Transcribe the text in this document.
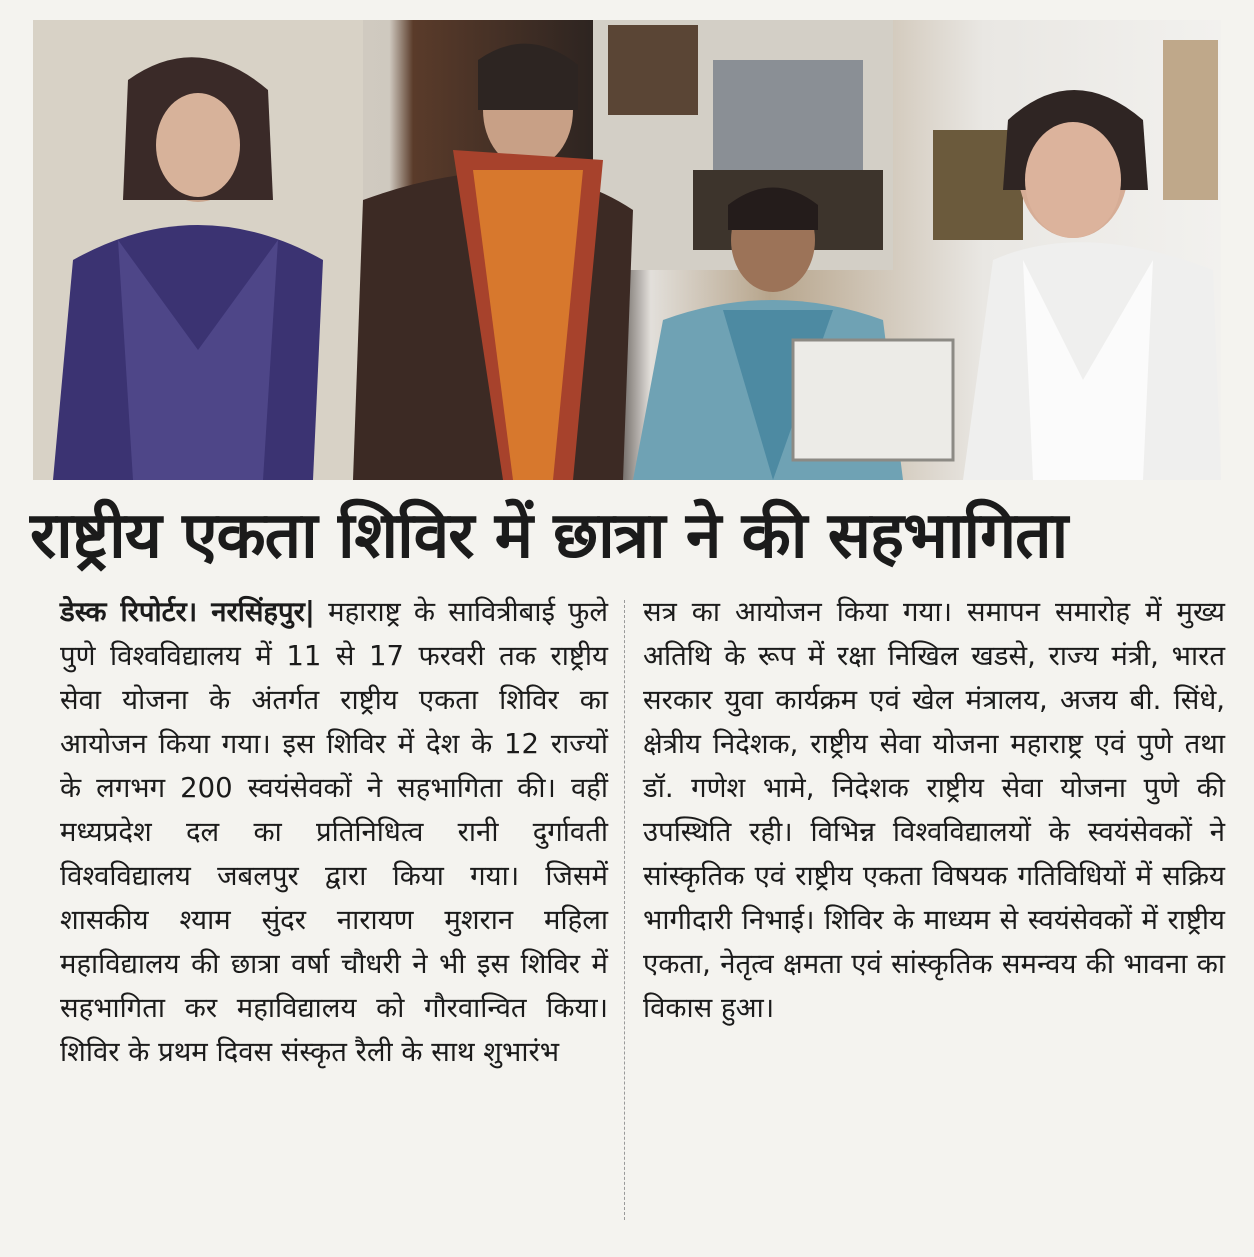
राष्ट्रीय एकता शिविर में छात्रा ने की सहभागिता

डेस्क रिपोर्टर। नरसिंहपुर| महाराष्ट्र के सावित्रीबाई फुले पुणे विश्वविद्यालय में 11 से 17 फरवरी तक राष्ट्रीय सेवा योजना के अंतर्गत राष्ट्रीय एकता शिविर का आयोजन किया गया। इस शिविर में देश के 12 राज्यों के लगभग 200 स्वयंसेवकों ने सहभागिता की। वहीं मध्यप्रदेश दल का प्रतिनिधित्व रानी दुर्गावती विश्वविद्यालय जबलपुर द्वारा किया गया। जिसमें शासकीय श्याम सुंदर नारायण मुशरान महिला महाविद्यालय की छात्रा वर्षा चौधरी ने भी इस शिविर में सहभागिता कर महाविद्यालय को गौरवान्वित किया। शिविर के प्रथम दिवस संस्कृत रैली के साथ शुभारंभ

सत्र का आयोजन किया गया। समापन समारोह में मुख्य अतिथि के रूप में रक्षा निखिल खडसे, राज्य मंत्री, भारत सरकार युवा कार्यक्रम एवं खेल मंत्रालय, अजय बी. सिंधे, क्षेत्रीय निदेशक, राष्ट्रीय सेवा योजना महाराष्ट्र एवं पुणे तथा डॉ. गणेश भामे, निदेशक राष्ट्रीय सेवा योजना पुणे की उपस्थिति रही। विभिन्न विश्वविद्यालयों के स्वयंसेवकों ने सांस्कृतिक एवं राष्ट्रीय एकता विषयक गतिविधियों में सक्रिय भागीदारी निभाई। शिविर के माध्यम से स्वयंसेवकों में राष्ट्रीय एकता, नेतृत्व क्षमता एवं सांस्कृतिक समन्वय की भावना का विकास हुआ।
